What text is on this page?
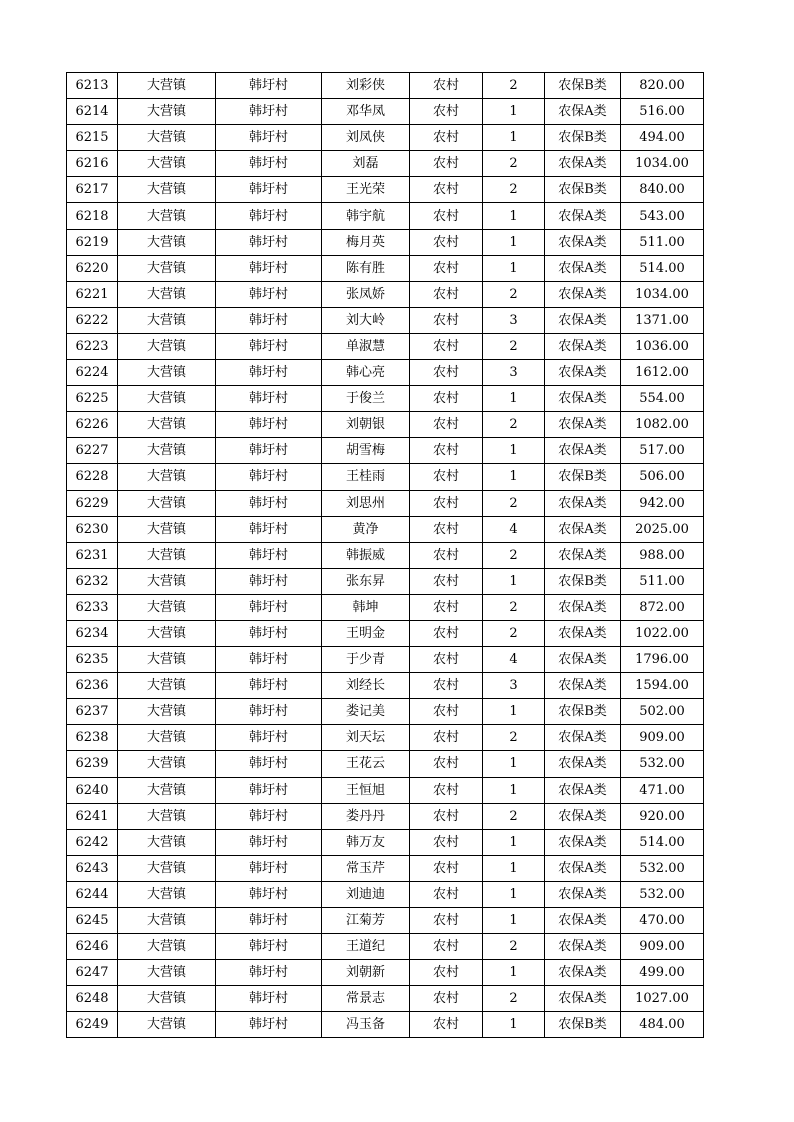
6213	大营镇	韩圩村	刘彩侠	农村	2	农保B类	820.00
6214	大营镇	韩圩村	邓华凤	农村	1	农保A类	516.00
6215	大营镇	韩圩村	刘凤侠	农村	1	农保B类	494.00
6216	大营镇	韩圩村	刘磊	农村	2	农保A类	1034.00
6217	大营镇	韩圩村	王光荣	农村	2	农保B类	840.00
6218	大营镇	韩圩村	韩宇航	农村	1	农保A类	543.00
6219	大营镇	韩圩村	梅月英	农村	1	农保A类	511.00
6220	大营镇	韩圩村	陈有胜	农村	1	农保A类	514.00
6221	大营镇	韩圩村	张凤娇	农村	2	农保A类	1034.00
6222	大营镇	韩圩村	刘大岭	农村	3	农保A类	1371.00
6223	大营镇	韩圩村	单淑慧	农村	2	农保A类	1036.00
6224	大营镇	韩圩村	韩心亮	农村	3	农保A类	1612.00
6225	大营镇	韩圩村	于俊兰	农村	1	农保A类	554.00
6226	大营镇	韩圩村	刘朝银	农村	2	农保A类	1082.00
6227	大营镇	韩圩村	胡雪梅	农村	1	农保A类	517.00
6228	大营镇	韩圩村	王桂雨	农村	1	农保B类	506.00
6229	大营镇	韩圩村	刘思州	农村	2	农保A类	942.00
6230	大营镇	韩圩村	黄净	农村	4	农保A类	2025.00
6231	大营镇	韩圩村	韩振威	农村	2	农保A类	988.00
6232	大营镇	韩圩村	张东昇	农村	1	农保B类	511.00
6233	大营镇	韩圩村	韩坤	农村	2	农保A类	872.00
6234	大营镇	韩圩村	王明金	农村	2	农保A类	1022.00
6235	大营镇	韩圩村	于少青	农村	4	农保A类	1796.00
6236	大营镇	韩圩村	刘经长	农村	3	农保A类	1594.00
6237	大营镇	韩圩村	娄记美	农村	1	农保B类	502.00
6238	大营镇	韩圩村	刘天坛	农村	2	农保A类	909.00
6239	大营镇	韩圩村	王花云	农村	1	农保A类	532.00
6240	大营镇	韩圩村	王恒旭	农村	1	农保A类	471.00
6241	大营镇	韩圩村	娄丹丹	农村	2	农保A类	920.00
6242	大营镇	韩圩村	韩万友	农村	1	农保A类	514.00
6243	大营镇	韩圩村	常玉芹	农村	1	农保A类	532.00
6244	大营镇	韩圩村	刘迪迪	农村	1	农保A类	532.00
6245	大营镇	韩圩村	江菊芳	农村	1	农保A类	470.00
6246	大营镇	韩圩村	王道纪	农村	2	农保A类	909.00
6247	大营镇	韩圩村	刘朝新	农村	1	农保A类	499.00
6248	大营镇	韩圩村	常景志	农村	2	农保A类	1027.00
6249	大营镇	韩圩村	冯玉备	农村	1	农保B类	484.00
